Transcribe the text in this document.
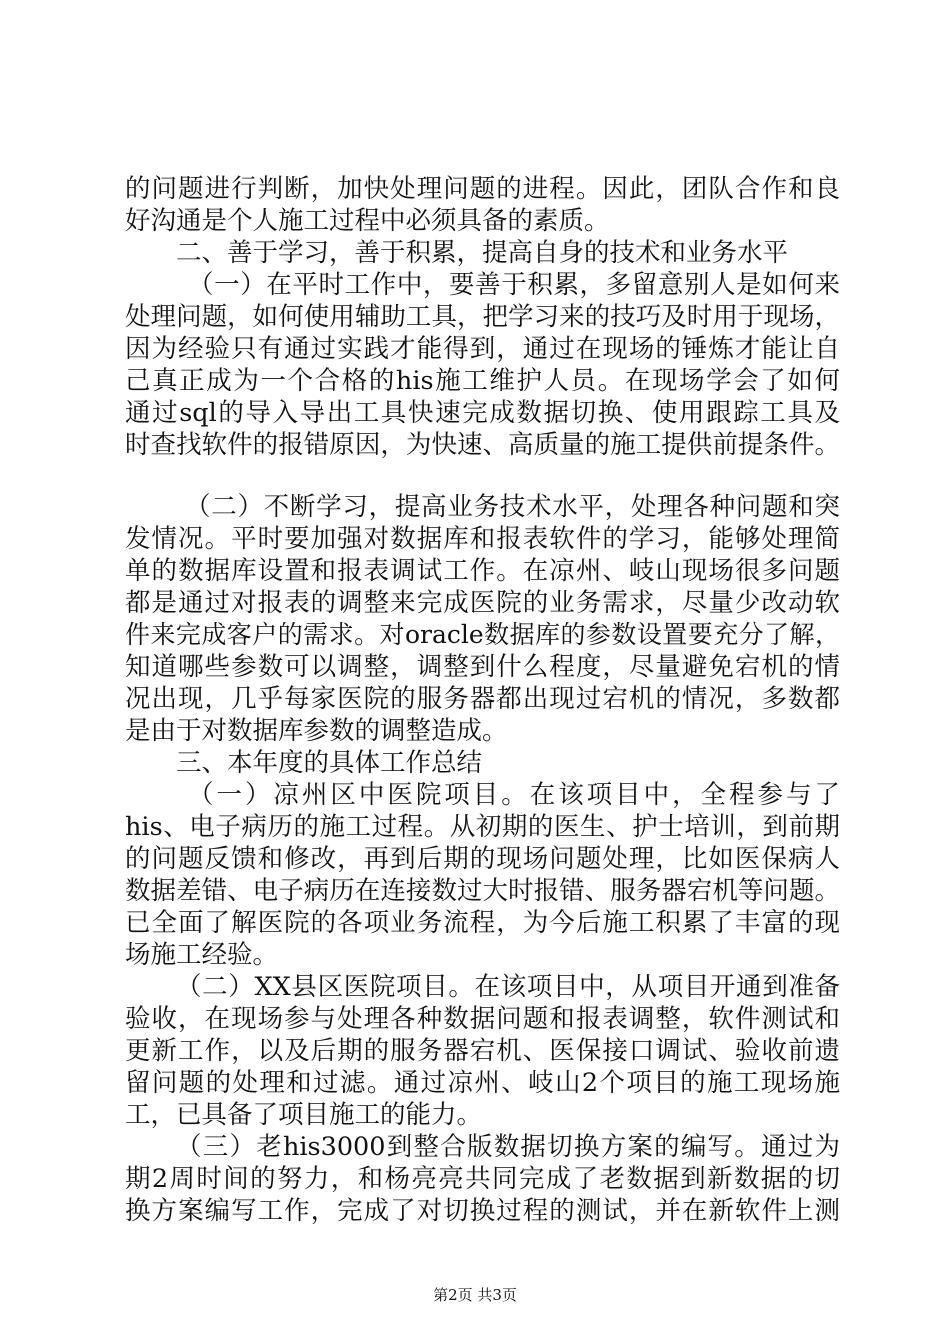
的问题进行判断，加快处理问题的进程。因此，团队合作和良
好沟通是个人施工过程中必须具备的素质。
二、善于学习，善于积累，提高自身的技术和业务水平
（一）在平时工作中，要善于积累，多留意别人是如何来
处理问题，如何使用辅助工具，把学习来的技巧及时用于现场，
因为经验只有通过实践才能得到，通过在现场的锤炼才能让自
己真正成为一个合格的his施工维护人员。在现场学会了如何
通过sql的导入导出工具快速完成数据切换、使用跟踪工具及
时查找软件的报错原因，为快速、高质量的施工提供前提条件。
（二）不断学习，提高业务技术水平，处理各种问题和突
发情况。平时要加强对数据库和报表软件的学习，能够处理简
单的数据库设置和报表调试工作。在凉州、岐山现场很多问题
都是通过对报表的调整来完成医院的业务需求，尽量少改动软
件来完成客户的需求。对oracle数据库的参数设置要充分了解，
知道哪些参数可以调整，调整到什么程度，尽量避免宕机的情
况出现，几乎每家医院的服务器都出现过宕机的情况，多数都
是由于对数据库参数的调整造成。
三、本年度的具体工作总结
（一）凉州区中医院项目。在该项目中，全程参与了
his、电子病历的施工过程。从初期的医生、护士培训，到前期
的问题反馈和修改，再到后期的现场问题处理，比如医保病人
数据差错、电子病历在连接数过大时报错、服务器宕机等问题。
已全面了解医院的各项业务流程，为今后施工积累了丰富的现
场施工经验。
（二）XX县区医院项目。在该项目中，从项目开通到准备
验收，在现场参与处理各种数据问题和报表调整，软件测试和
更新工作，以及后期的服务器宕机、医保接口调试、验收前遗
留问题的处理和过滤。通过凉州、岐山2个项目的施工现场施
工，已具备了项目施工的能力。
（三）老his3000到整合版数据切换方案的编写。通过为
期2周时间的努力，和杨亮亮共同完成了老数据到新数据的切
换方案编写工作，完成了对切换过程的测试，并在新软件上测
第2页 共3页
